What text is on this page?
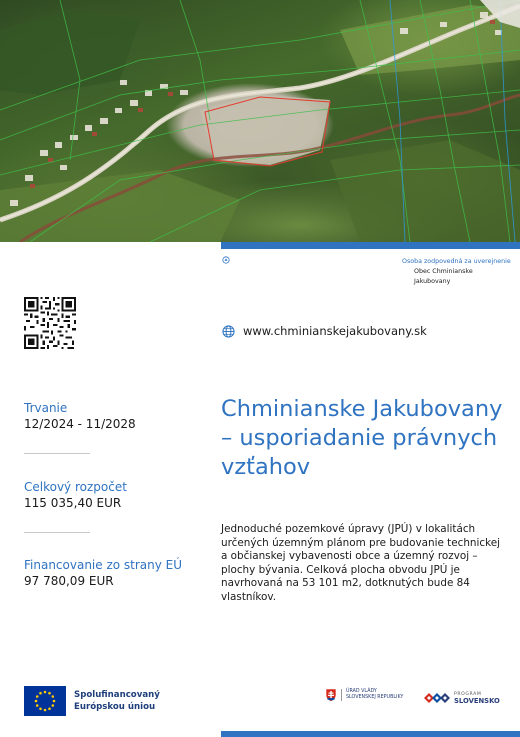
Osoba zodpovedná za uverejnenie
Obec Chminianske
Jakubovany
www.chminianskejakubovany.sk
Trvanie
12/2024 - 11/2028
Celkový rozpočet
115 035,40 EUR
Financovanie zo strany EÚ
97 780,09 EUR
Chminianske Jakubovany – usporiadanie právnych vzťahov

Jednoduché pozemkové úpravy (JPÚ) v lokalitách určených územným plánom pre budovanie technickej a občianskej vybavenosti obce a územný rozvoj – plochy bývania. Celková plocha obvodu JPÚ je navrhovaná na 53 101 m2, dotknutých bude 84 vlastníkov.

Spolufinancovaný
Európskou úniou
ÚRAD VLÁDY
SLOVENSKEJ REPUBLIKY
PROGRAM
SLOVENSKO
